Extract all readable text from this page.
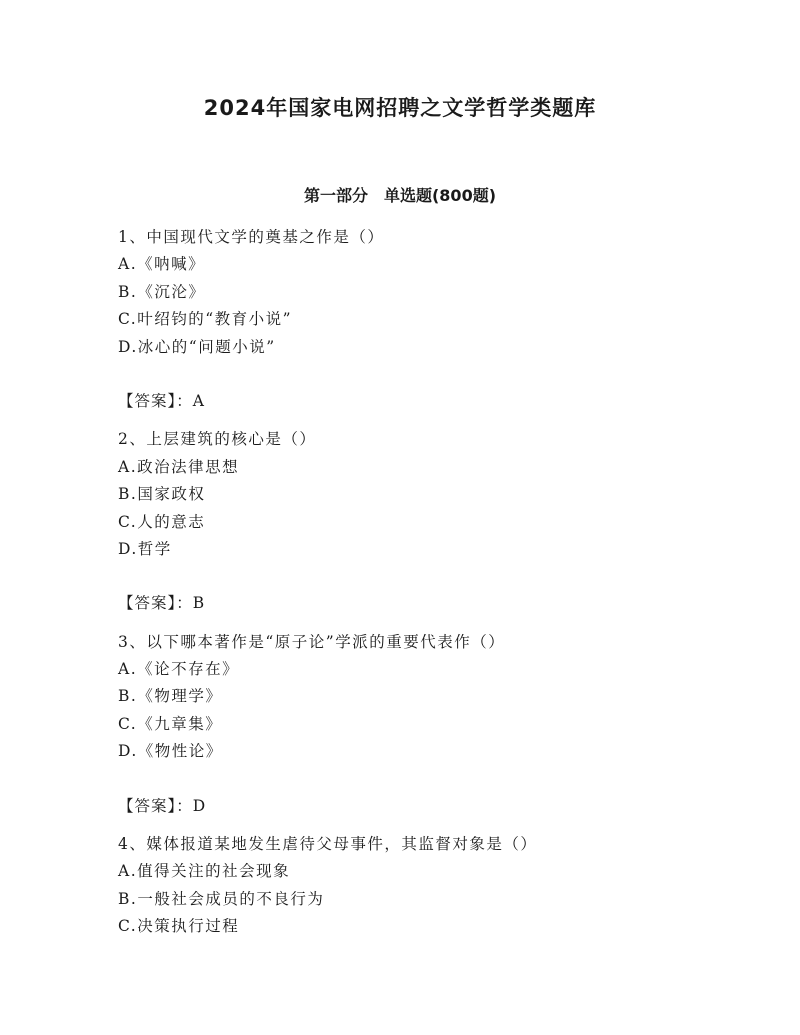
2024年国家电网招聘之文学哲学类题库
第一部分　单选题(800题)
1、中国现代文学的奠基之作是（）
A.《呐喊》
B.《沉沦》
C.叶绍钧的“教育小说”
D.冰心的“问题小说”
【答案】：A
2、上层建筑的核心是（）
A.政治法律思想
B.国家政权
C.人的意志
D.哲学
【答案】：B
3、以下哪本著作是“原子论”学派的重要代表作（）
A.《论不存在》
B.《物理学》
C.《九章集》
D.《物性论》
【答案】：D
4、媒体报道某地发生虐待父母事件，其监督对象是（）
A.值得关注的社会现象
B.一般社会成员的不良行为
C.决策执行过程
